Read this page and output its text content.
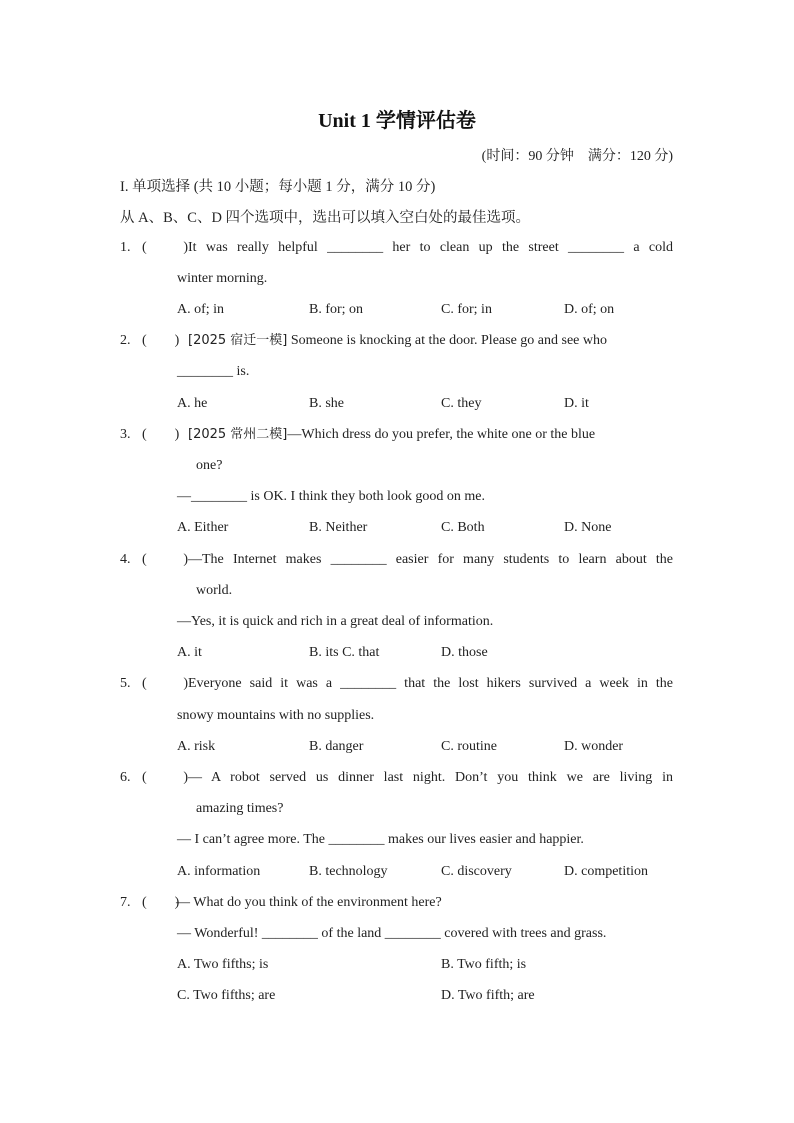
Unit 1 学情评估卷
(时间：90 分钟　满分：120 分)
I. 单项选择 (共 10 小题；每小题 1 分，满分 10 分)
从 A、B、C、D 四个选项中，选出可以填入空白处的最佳选项。
1. (　　)It was really helpful ________ her to clean up the street ________ a cold
winter morning.
A. of; in	B. for; on	C. for; in	D. of; on
2. (　　) [2025 宿迁一模] Someone is knocking at the door. Please go and see who
________ is.
A. he	B. she	C. they	D. it
3. (　　) [2025 常州二模]—Which dress do you prefer, the white one or the blue
one?
—________ is OK. I think they both look good on me.
A. Either	B. Neither	C. Both	D. None
4. (　　)—The Internet makes ________ easier for many students to learn about the
world.
—Yes, it is quick and rich in a great deal of information.
A. it	B. its C. that	D. those
5. (　　)Everyone said it was a ________ that the lost hikers survived a week in the
snowy mountains with no supplies.
A. risk	B. danger	C. routine	D. wonder
6. (　　)— A robot served us dinner last night. Don’t you think we are living in
amazing times?
— I can’t agree more. The ________ makes our lives easier and happier.
A. information	B. technology	C. discovery	D. competition
7. (　　)— What do you think of the environment here?
— Wonderful! ________ of the land ________ covered with trees and grass.
A. Two fifths; is	B. Two fifth; is
C. Two fifths; are	D. Two fifth; are
